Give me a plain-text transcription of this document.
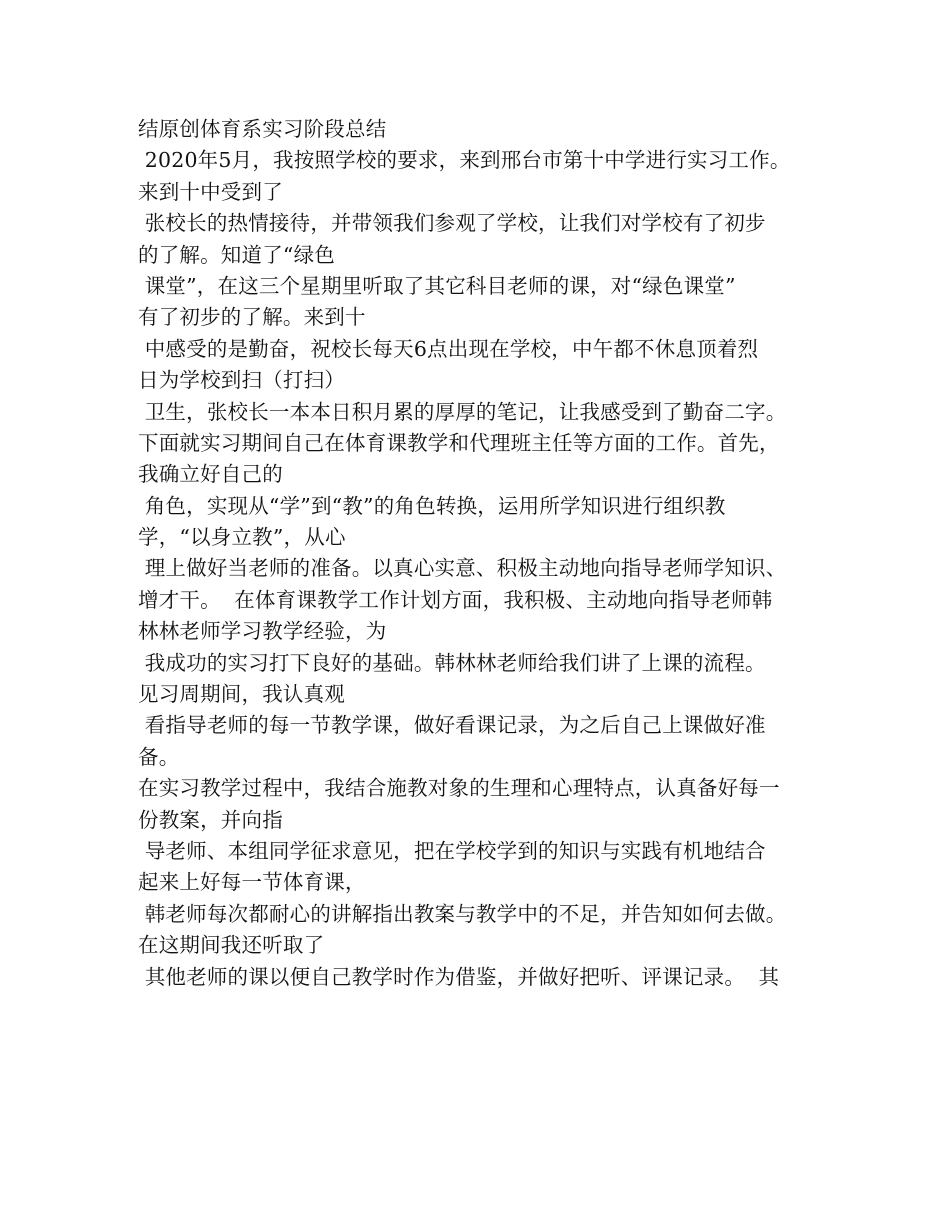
结原创体育系实习阶段总结
2020年5月，我按照学校的要求，来到邢台市第十中学进行实习工作。
来到十中受到了
张校长的热情接待，并带领我们参观了学校，让我们对学校有了初步
的了解。知道了“绿色
课堂”，在这三个星期里听取了其它科目老师的课，对“绿色课堂”
有了初步的了解。来到十
中感受的是勤奋，祝校长每天6点出现在学校，中午都不休息顶着烈
日为学校到扫（打扫）
卫生，张校长一本本日积月累的厚厚的笔记，让我感受到了勤奋二字。
下面就实习期间自己在体育课教学和代理班主任等方面的工作。首先，
我确立好自己的
角色，实现从“学”到“教”的角色转换，运用所学知识进行组织教
学，“以身立教”，从心
理上做好当老师的准备。以真心实意、积极主动地向指导老师学知识、
增才干。  在体育课教学工作计划方面，我积极、主动地向指导老师韩
林林老师学习教学经验，为
我成功的实习打下良好的基础。韩林林老师给我们讲了上课的流程。
见习周期间，我认真观
看指导老师的每一节教学课，做好看课记录，为之后自己上课做好准
备。
在实习教学过程中，我结合施教对象的生理和心理特点，认真备好每一
份教案，并向指
导老师、本组同学征求意见，把在学校学到的知识与实践有机地结合
起来上好每一节体育课，
韩老师每次都耐心的讲解指出教案与教学中的不足，并告知如何去做。
在这期间我还听取了
其他老师的课以便自己教学时作为借鉴，并做好把听、评课记录。  其
